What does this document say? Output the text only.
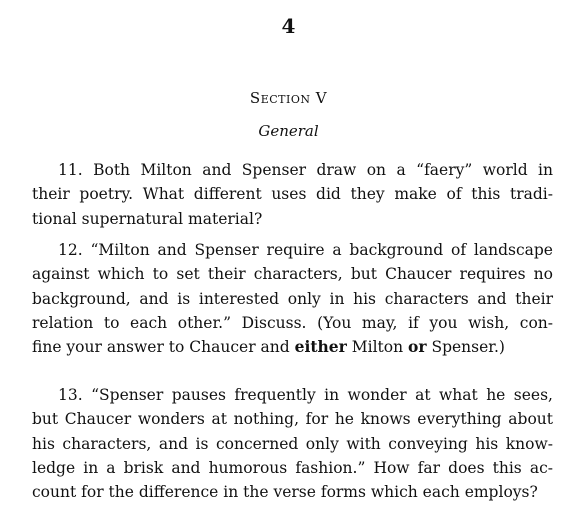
4
Section V
General
11. Both Milton and Spenser draw on a “faery” world in
their poetry. What different uses did they make of this tradi-
tional supernatural material?
12. “Milton and Spenser require a background of landscape
against which to set their characters, but Chaucer requires no
background, and is interested only in his characters and their
relation to each other.” Discuss. (You may, if you wish, con-
fine your answer to Chaucer and either Milton or Spenser.)
13. “Spenser pauses frequently in wonder at what he sees,
but Chaucer wonders at nothing, for he knows everything about
his characters, and is concerned only with conveying his know-
ledge in a brisk and humorous fashion.” How far does this ac-
count for the difference in the verse forms which each employs?
